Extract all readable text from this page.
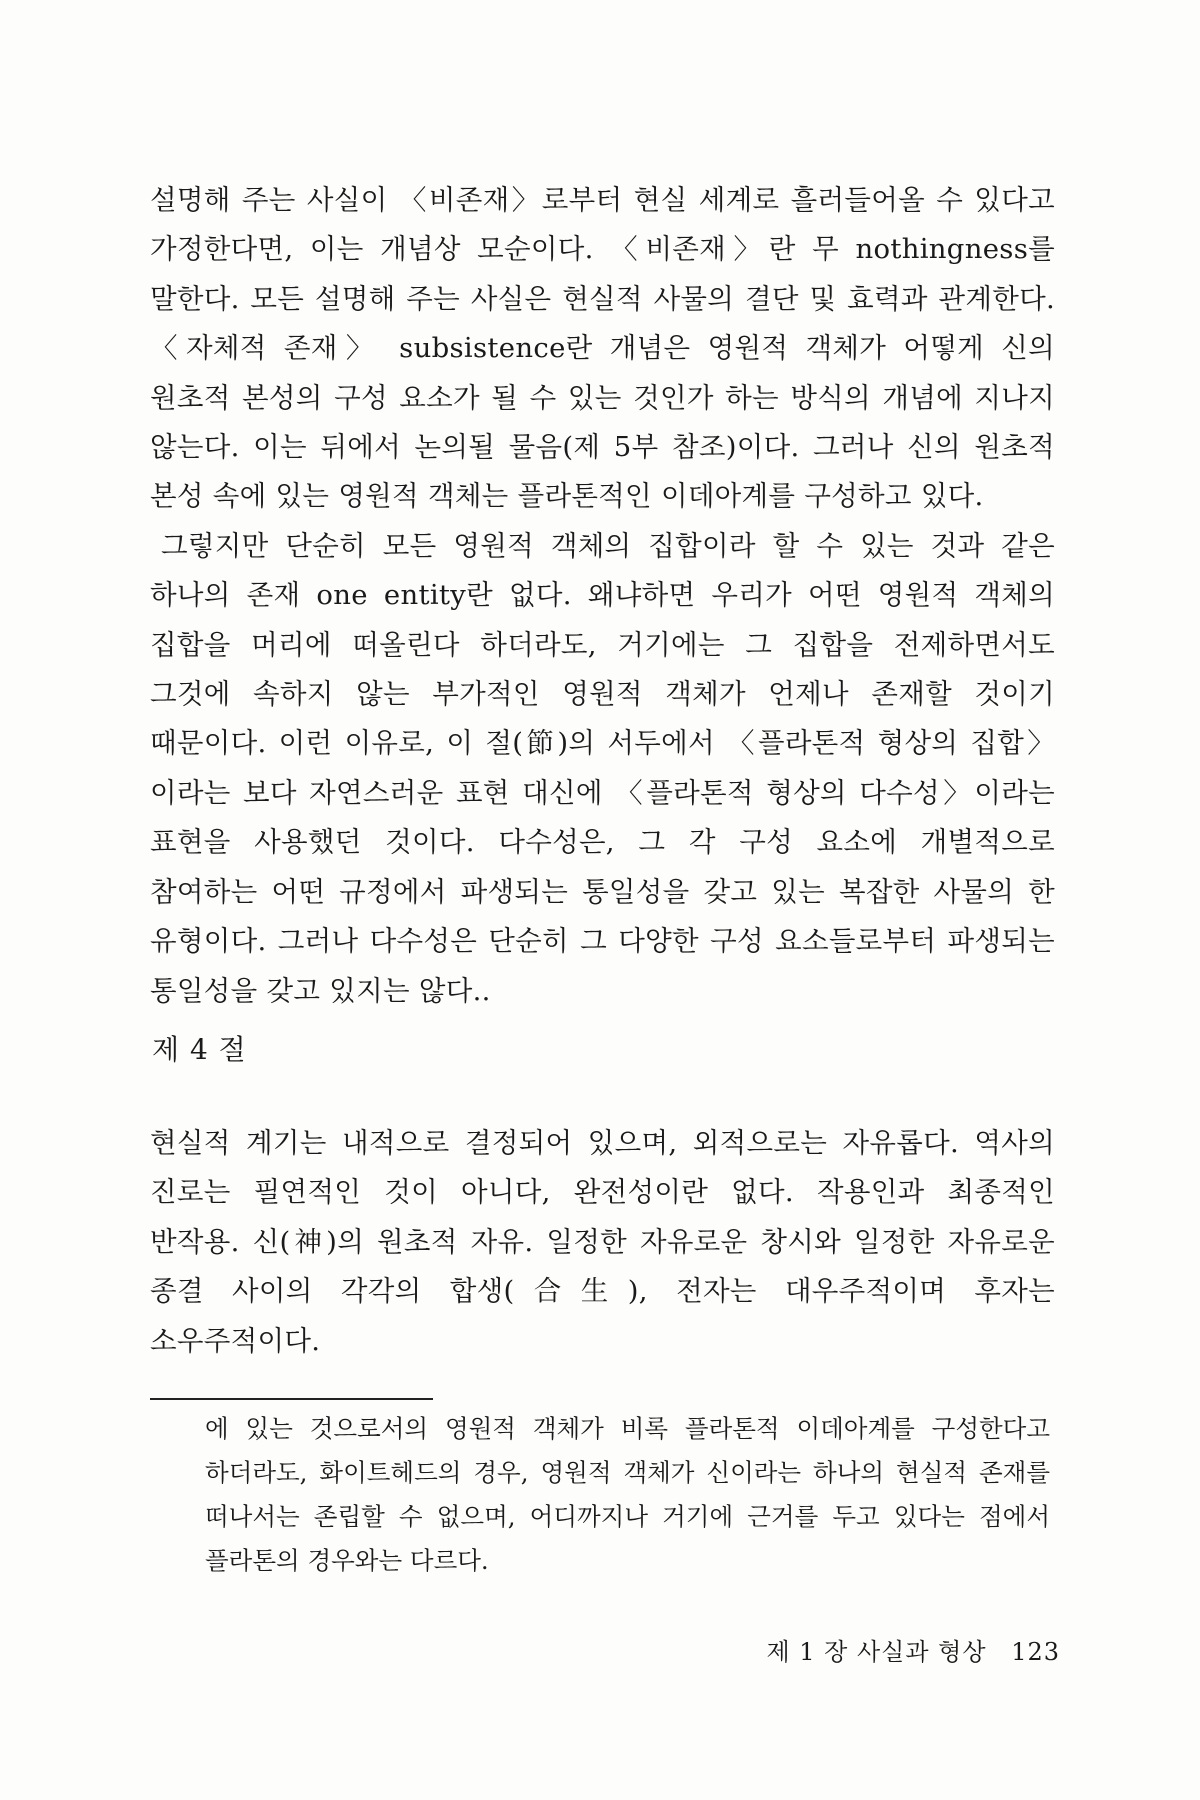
설명해 주는 사실이 〈비존재〉로부터 현실 세계로 흘러들어올 수 있다고 가정한다면, 이는 개념상 모순이다. 〈비존재〉란 무 nothingness를 말한다. 모든 설명해 주는 사실은 현실적 사물의 결단 및 효력과 관계한다. 〈자체적 존재〉 subsistence란 개념은 영원적 객체가 어떻게 신의 원초적 본성의 구성 요소가 될 수 있는 것인가 하는 방식의 개념에 지나지 않는다. 이는 뒤에서 논의될 물음(제 5부 참조)이다. 그러나 신의 원초적 본성 속에 있는 영원적 객체는 플라톤적인 이데아계를 구성하고 있다.

그렇지만 단순히 모든 영원적 객체의 집합이라 할 수 있는 것과 같은 하나의 존재 one entity란 없다. 왜냐하면 우리가 어떤 영원적 객체의 집합을 머리에 떠올린다 하더라도, 거기에는 그 집합을 전제하면서도 그것에 속하지 않는 부가적인 영원적 객체가 언제나 존재할 것이기 때문이다. 이런 이유로, 이 절(節)의 서두에서 〈플라톤적 형상의 집합〉이라는 보다 자연스러운 표현 대신에 〈플라톤적 형상의 다수성〉이라는 표현을 사용했던 것이다. 다수성은, 그 각 구성 요소에 개별적으로 참여하는 어떤 규정에서 파생되는 통일성을 갖고 있는 복잡한 사물의 한 유형이다. 그러나 다수성은 단순히 그 다양한 구성 요소들로부터 파생되는 통일성을 갖고 있지는 않다..

제 4 절

현실적 계기는 내적으로 결정되어 있으며, 외적으로는 자유롭다. 역사의 진로는 필연적인 것이 아니다, 완전성이란 없다. 작용인과 최종적인 반작용. 신(神)의 원초적 자유. 일정한 자유로운 창시와 일정한 자유로운 종결 사이의 각각의 합생(合生), 전자는 대우주적이며 후자는 소우주적이다.

에 있는 것으로서의 영원적 객체가 비록 플라톤적 이데아계를 구성한다고 하더라도, 화이트헤드의 경우, 영원적 객체가 신이라는 하나의 현실적 존재를 떠나서는 존립할 수 없으며, 어디까지나 거기에 근거를 두고 있다는 점에서 플라톤의 경우와는 다르다.

제 1 장 사실과 형상 123
